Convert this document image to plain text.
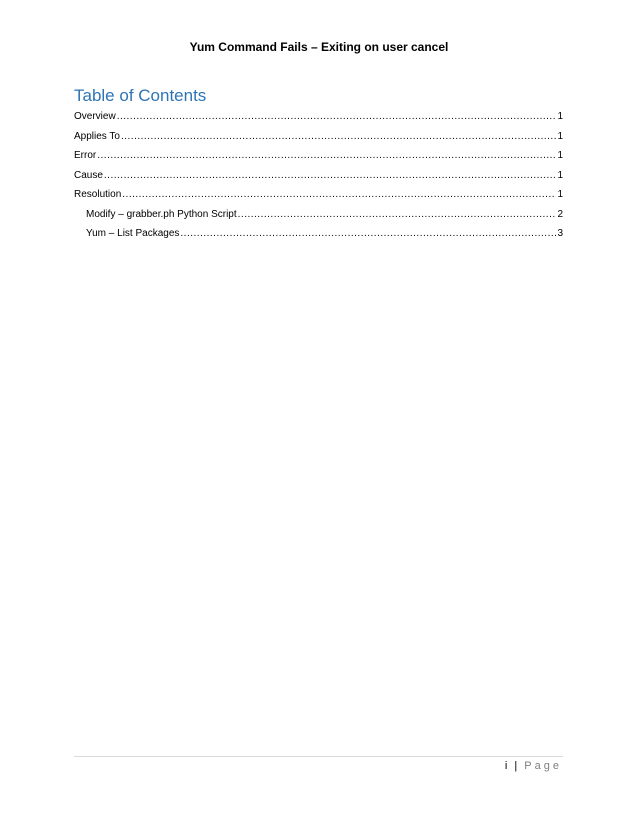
Yum Command Fails – Exiting on user cancel
Table of Contents
Overview .....	1
Applies To .....	1
Error .....	1
Cause .....	1
Resolution .....	1
Modify – grabber.ph Python Script .....	2
Yum – List Packages .....	3
i | Page
